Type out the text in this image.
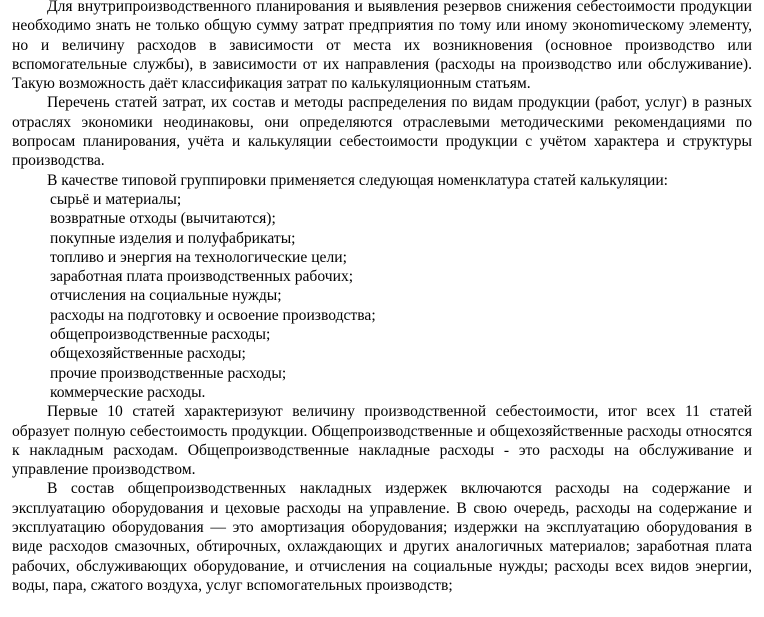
Для внутрипроизводственного планирования и выявления резервов снижения себестоимости продукции необходимо знать не только общую сумму затрат предприятия по тому или иному эконоmическому элементу, но и величину расходов в зависимости от места их возникновения (основное производство или вспомогательные службы), в зависимости от их направления (расходы на производство или обслуживание). Такую возможность даёт классификация затрат по калькуляционным статьям.

Перечень статей затрат, их состав и методы распределения по видам продукции (работ, услуг) в разных отраслях экономики неодинаковы, они определяются отраслевыми методическими рекомендациями по вопросам планирования, учёта и калькуляции себестоимости продукции с учётом характера и структуры производства.

В качестве типовой группировки применяется следующая номенклатура статей калькуляции:

сырьё и материалы;
возвратные отходы (вычитаются);
покупные изделия и полуфабрикаты;
топливо и энергия на технологические цели;
заработная плата производственных рабочих;
отчисления на социальные нужды;
расходы на подготовку и освоение производства;
общепроизводственные расходы;
общехозяйственные расходы;
прочие производственные расходы;
коммерческие расходы.

Первые 10 статей характеризуют величину производственной себестоимости, итог всех 11 статей образует полную себестоимость продукции. Общепроизводственные и общехозяйственные расходы относятся к накладным расходам. Общепроизводственные накладные расходы - это расходы на обслуживание и управление производством.

В состав общепроизводственных накладных издержек включаются расходы на содержание и эксплуатацию оборудования и цеховые расходы на управление. В свою очередь, расходы на содержание и эксплуатацию оборудования — это амортизация оборудования; издержки на эксплуатацию оборудования в виде расходов смазочных, обтирочных, охлаждающих и других аналогичных материалов; заработная плата рабочих, обслуживающих оборудование, и отчисления на социальные нужды; расходы всех видов энергии, воды, пара, сжатого воздуха, услуг вспомогательных производств;
